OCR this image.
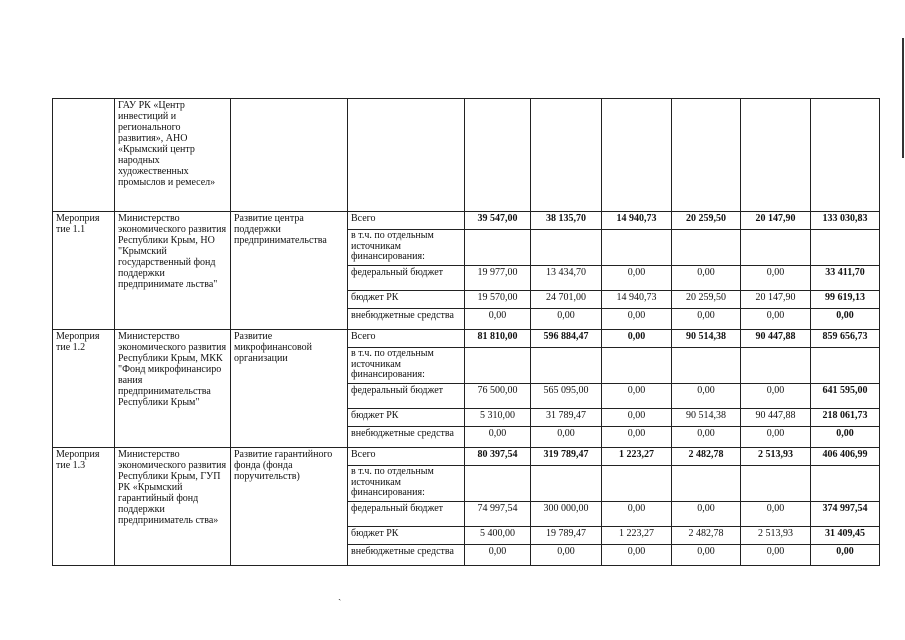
	ГАУ РК «Центр инвестиций и регионального развития», АНО «Крымский центр народных художественных промыслов и ремесел»								
Мероприя тие 1.1	Министерство экономического развития Республики Крым, НО "Крымский государственный фонд поддержки предпринимате льства"	Развитие центра поддержки предпринимательства	Всего	39 547,00	38 135,70	14 940,73	20 259,50	20 147,90	133 030,83
			в т.ч. по отдельным источникам финансирования:						
			федеральный бюджет	19 977,00	13 434,70	0,00	0,00	0,00	33 411,70
			бюджет РК	19 570,00	24 701,00	14 940,73	20 259,50	20 147,90	99 619,13
			внебюджетные средства	0,00	0,00	0,00	0,00	0,00	0,00
Мероприя тие 1.2	Министерство экономического развития Республики Крым, МКК "Фонд микрофинансиро вания предпринимательства Республики Крым"	Развитие микрофинансовой организации	Всего	81 810,00	596 884,47	0,00	90 514,38	90 447,88	859 656,73
			в т.ч. по отдельным источникам финансирования:						
			федеральный бюджет	76 500,00	565 095,00	0,00	0,00	0,00	641 595,00
			бюджет РК	5 310,00	31 789,47	0,00	90 514,38	90 447,88	218 061,73
			внебюджетные средства	0,00	0,00	0,00	0,00	0,00	0,00
Мероприя тие 1.3	Министерство экономического развития Республики Крым, ГУП РК «Крымский гарантийный фонд поддержки предприниматель ства»	Развитие гарантийного фонда (фонда поручительств)	Всего	80 397,54	319 789,47	1 223,27	2 482,78	2 513,93	406 406,99
			в т.ч. по отдельным источникам финансирования:						
			федеральный бюджет	74 997,54	300 000,00	0,00	0,00	0,00	374 997,54
			бюджет РК	5 400,00	19 789,47	1 223,27	2 482,78	2 513,93	31 409,45
			внебюджетные средства	0,00	0,00	0,00	0,00	0,00	0,00
ˏ
